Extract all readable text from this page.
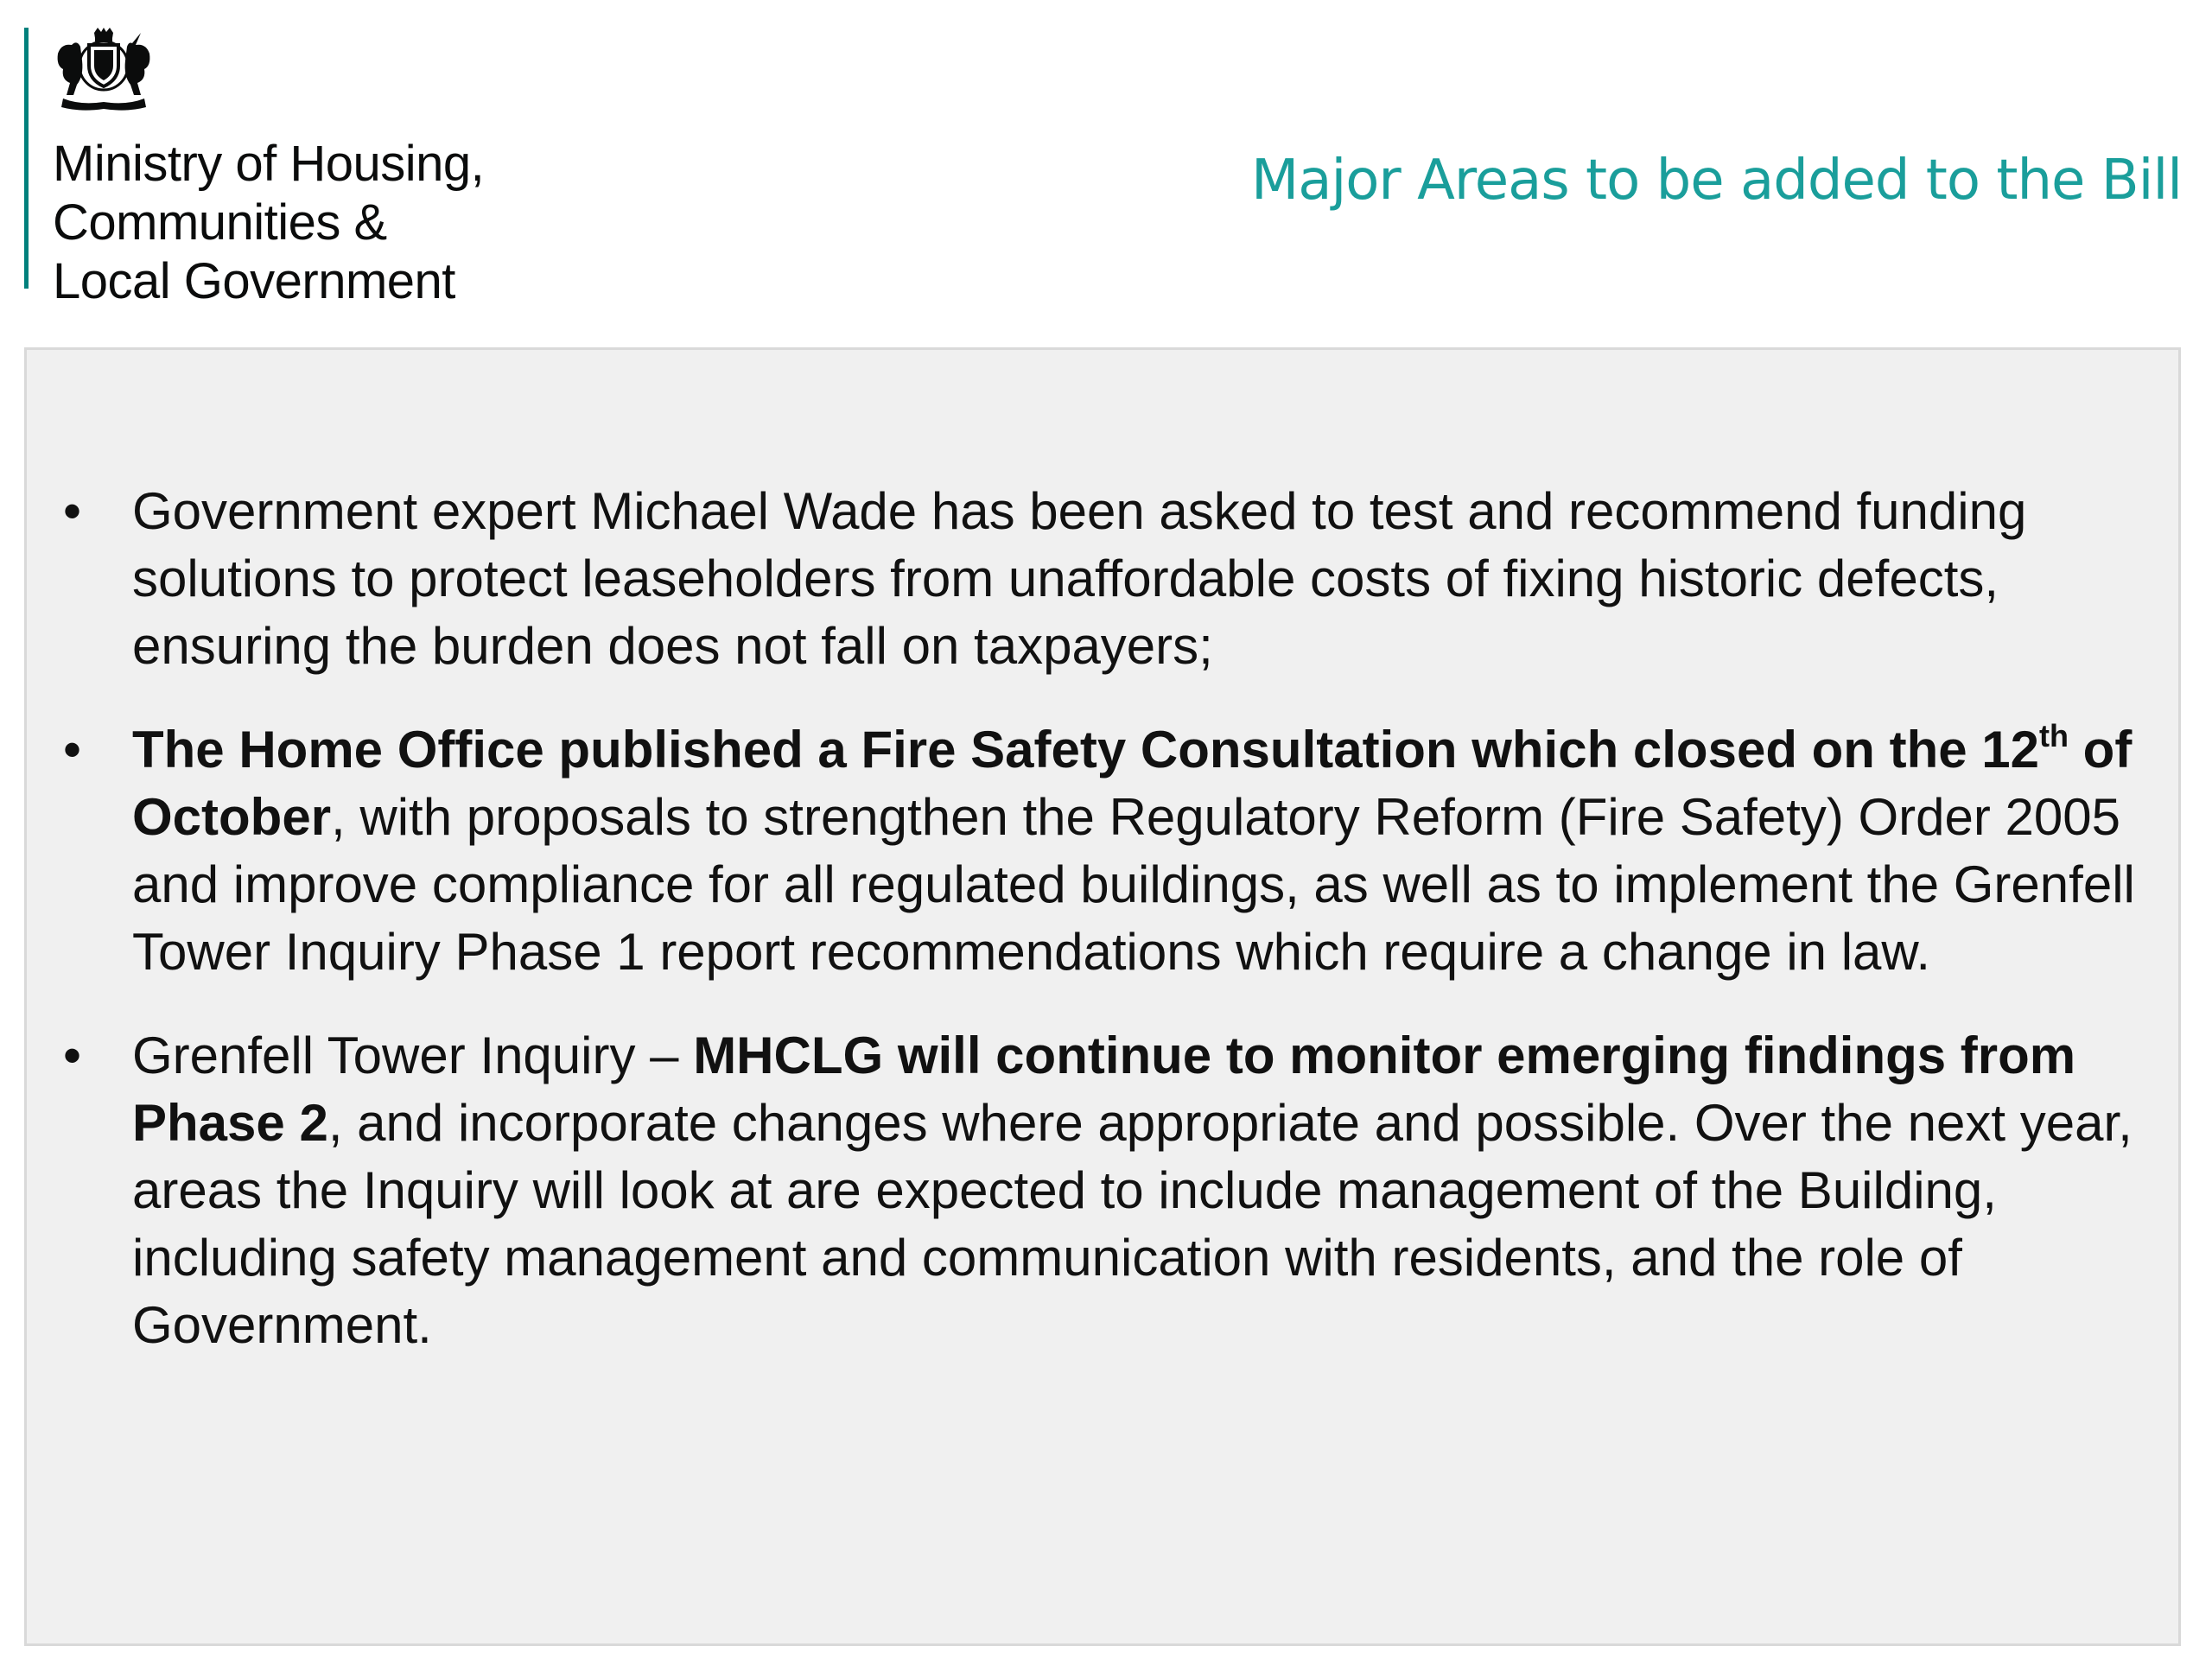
Ministry of Housing,
Communities &
Local Government
Major Areas to be added to the Bill
• Government expert Michael Wade has been asked to test and recommend funding solutions to protect leaseholders from unaffordable costs of fixing historic defects, ensuring the burden does not fall on taxpayers;
• The Home Office published a Fire Safety Consultation which closed on the 12th of October, with proposals to strengthen the Regulatory Reform (Fire Safety) Order 2005 and improve compliance for all regulated buildings, as well as to implement the Grenfell Tower Inquiry Phase 1 report recommendations which require a change in law.
• Grenfell Tower Inquiry – MHCLG will continue to monitor emerging findings from Phase 2, and incorporate changes where appropriate and possible. Over the next year, areas the Inquiry will look at are expected to include management of the Building, including safety management and communication with residents, and the role of Government.
